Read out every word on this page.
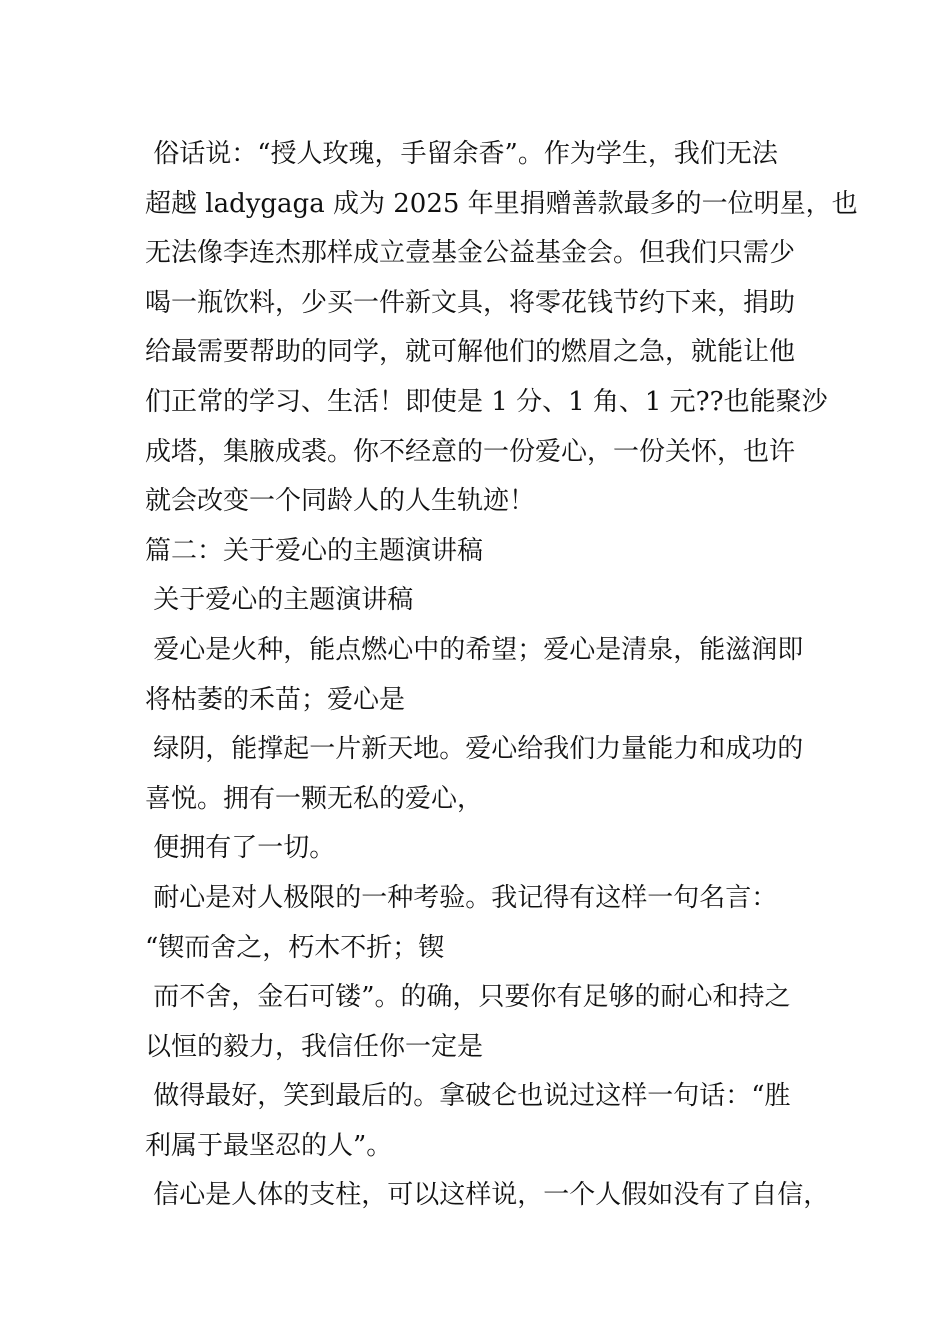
俗话说：“授人玫瑰，手留余香”。作为学生，我们无法
超越 ladygaga 成为 2025 年里捐赠善款最多的一位明星，也
无法像李连杰那样成立壹基金公益基金会。但我们只需少
喝一瓶饮料，少买一件新文具，将零花钱节约下来，捐助
给最需要帮助的同学，就可解他们的燃眉之急，就能让他
们正常的学习、生活！即使是 1 分、1 角、1 元??也能聚沙
成塔，集腋成裘。你不经意的一份爱心，一份关怀，也许
就会改变一个同龄人的人生轨迹！
篇二：关于爱心的主题演讲稿
关于爱心的主题演讲稿
爱心是火种，能点燃心中的希望；爱心是清泉，能滋润即
将枯萎的禾苗；爱心是
绿阴，能撑起一片新天地。爱心给我们力量能力和成功的
喜悦。拥有一颗无私的爱心，
便拥有了一切。
耐心是对人极限的一种考验。我记得有这样一句名言：
“锲而舍之，朽木不折；锲
而不舍，金石可镂”。的确，只要你有足够的耐心和持之
以恒的毅力，我信任你一定是
做得最好，笑到最后的。拿破仑也说过这样一句话：“胜
利属于最坚忍的人”。
信心是人体的支柱，可以这样说，一个人假如没有了自信，
